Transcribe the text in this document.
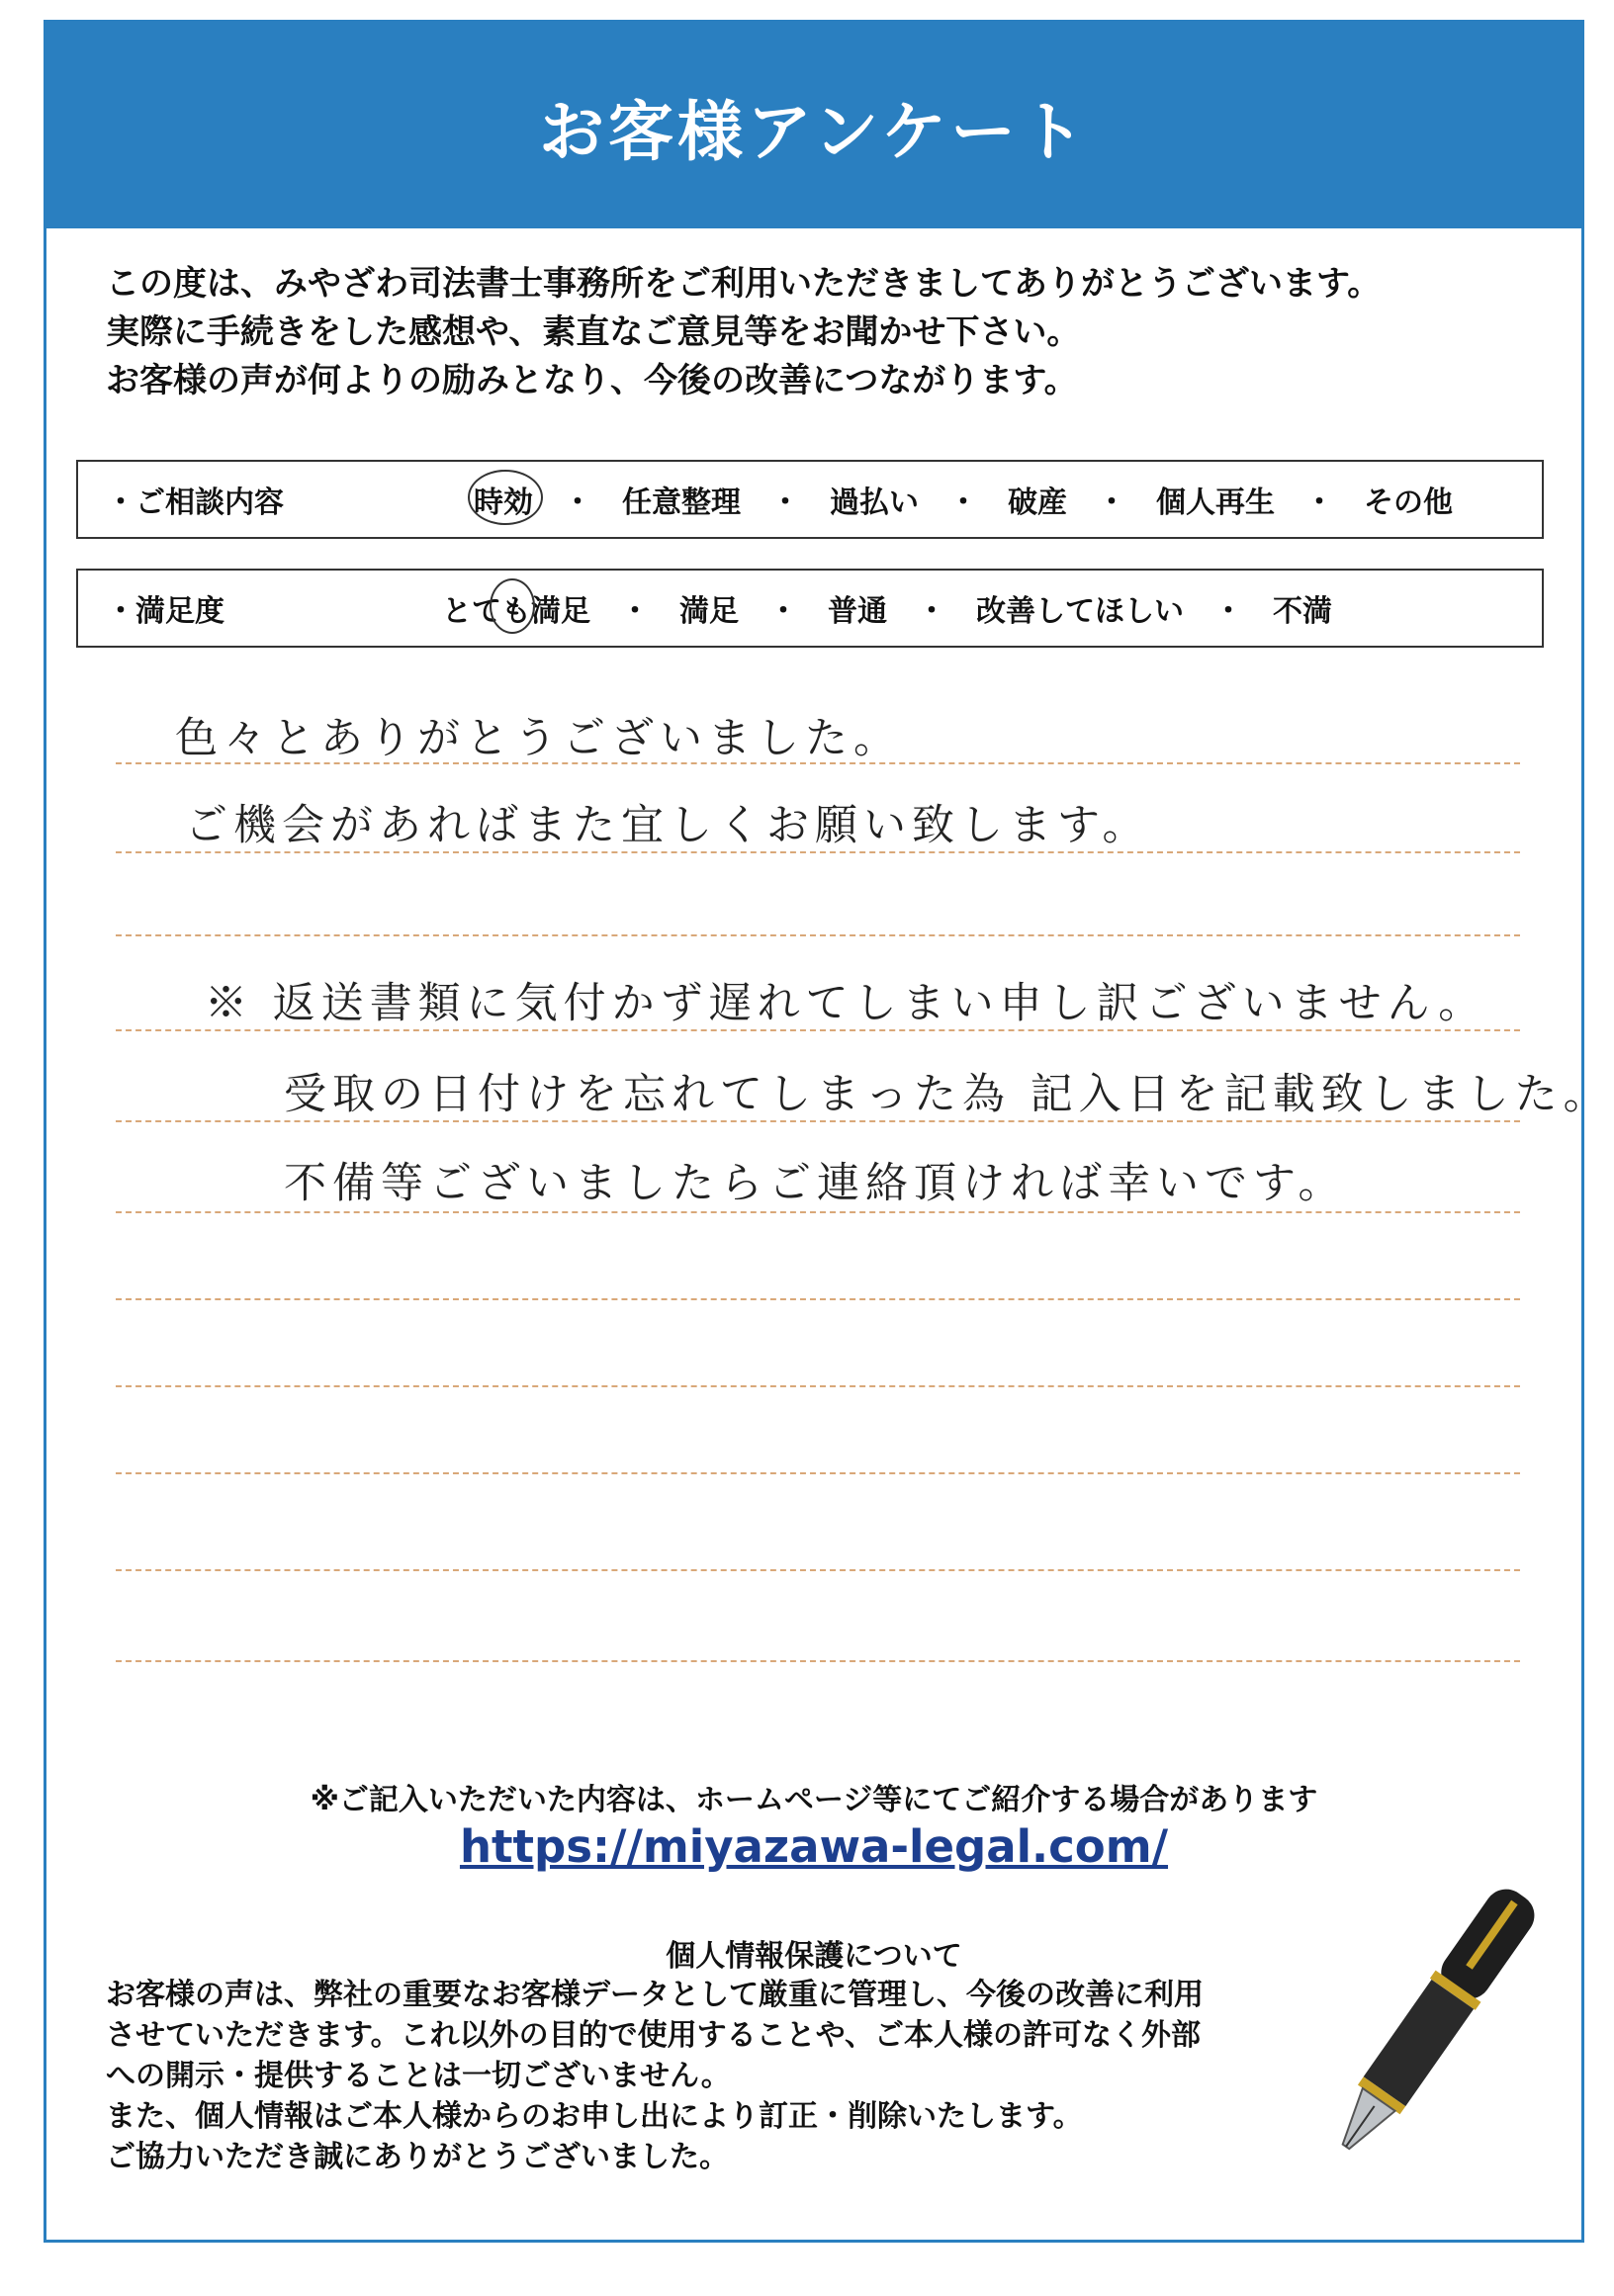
お客様アンケート
この度は、みやざわ司法書士事務所をご利用いただきましてありがとうございます。
実際に手続きをした感想や、素直なご意見等をお聞かせ下さい。
お客様の声が何よりの励みとなり、今後の改善につながります。
・ご相談内容	時効 ・ 任意整理 ・ 過払い ・ 破産 ・ 個人再生 ・ その他
・満足度	とても満足 ・ 満足 ・ 普通 ・ 改善してほしい ・ 不満
色々とありがとうございました。
ご機会があればまた宜しくお願い致します。
※ 返送書類に気付かず遅れてしまい申し訳ございません。
受取の日付けを忘れてしまった為 記入日を記載致しました。
不備等ございましたらご連絡頂ければ幸いです。
※ご記入いただいた内容は、ホームページ等にてご紹介する場合があります
https://miyazawa-legal.com/
個人情報保護について
お客様の声は、弊社の重要なお客様データとして厳重に管理し、今後の改善に利用
させていただきます。これ以外の目的で使用することや、ご本人様の許可なく外部
への開示・提供することは一切ございません。
また、個人情報はご本人様からのお申し出により訂正・削除いたします。
ご協力いただき誠にありがとうございました。
